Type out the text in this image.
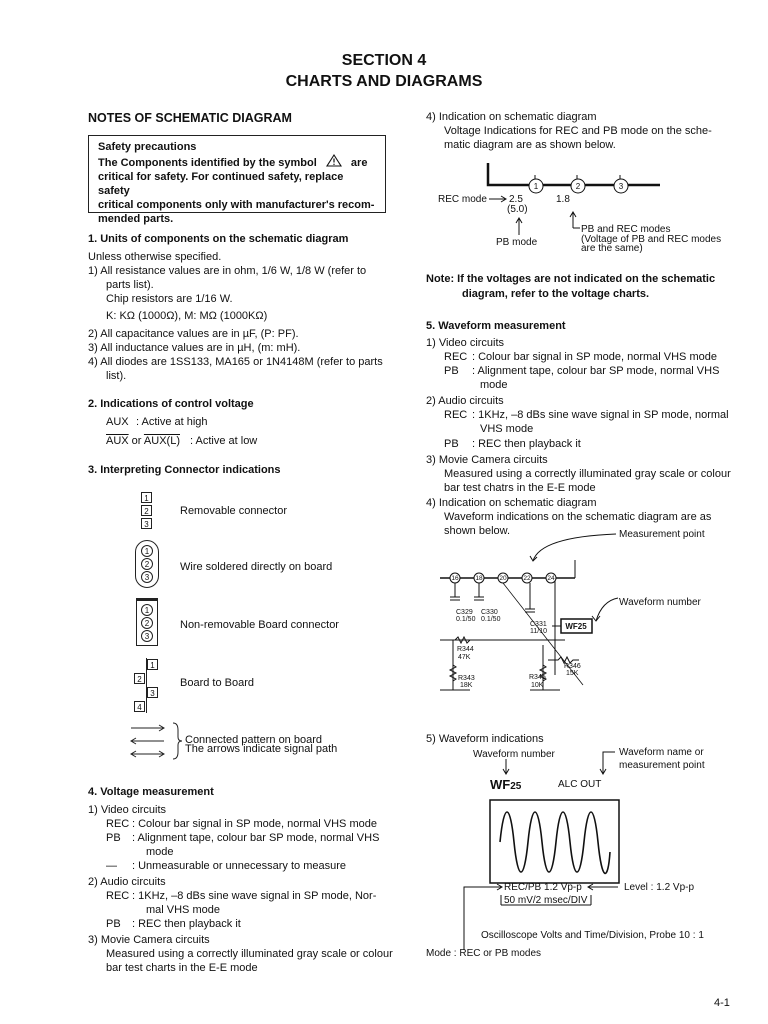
SECTION 4
CHARTS AND DIAGRAMS
NOTES OF SCHEMATIC DIAGRAM
Safety precautions
The Components identified by the symbol	are
critical for safety. For continued safety, replace safety
critical components only with manufacturer's recom-
mended parts.
1. Units of components on the schematic diagram
Unless otherwise specified.
1) All resistance values are in ohm, 1/6 W, 1/8 W (refer to
parts list).
Chip resistors are 1/16 W.
K: KΩ (1000Ω), M: MΩ (1000KΩ)
2) All capacitance values are in µF, (P: PF).
3) All inductance values are in µH, (m: mH).
4) All diodes are 1SS133, MA165 or 1N4148M (refer to parts
list).
2. Indications of control voltage
AUX : Active at high
$\overline{AUX}$ or AUX(L) : Active at low
3. Interpreting Connector indications
1
2
3
Removable connector
1
2
3
Wire soldered directly on board
1
2
3
Non-removable Board connector
1
2
3
4
Board to Board
Connected pattern on board
The arrows indicate signal path
4. Voltage measurement
1) Video circuits
REC : Colour bar signal in SP mode, normal VHS mode
PB : Alignment tape, colour bar SP mode, normal VHS
mode
— : Unmeasurable or unnecessary to measure
2) Audio circuits
REC : 1KHz, –8 dBs sine wave signal in SP mode, Nor-
mal VHS mode
PB : REC then playback it
3) Movie Camera circuits
Measured using a correctly illuminated gray scale or colour
bar test charts in the E-E mode
4) Indication on schematic diagram
Voltage Indications for REC and PB mode on the sche-
matic diagram are as shown below.
1	2	3
REC mode 2.5
(5.0)
1.8
PB mode
PB and REC modes
(Voltage of PB and REC modes
are the same)
Note: If the voltages are not indicated on the schematic
diagram, refer to the voltage charts.
5. Waveform measurement
1) Video circuits
REC : Colour bar signal in SP mode, normal VHS mode
PB : Alignment tape, colour bar SP mode, normal VHS
mode
2) Audio circuits
REC : 1KHz, –8 dBs sine wave signal in SP mode, normal
VHS mode
PB : REC then playback it
3) Movie Camera circuits
Measured using a correctly illuminated gray scale or colour
bar test chatrs in the E-E mode
4) Indication on schematic diagram
Waveform indications on the schematic diagram are as
shown below.
16	18	20	22	24
C329
0.1/50
C330
0.1/50
C331
11/10
R344
47K
R346
15K
R343
18K
R345
10K
WF25
Measurement point
Waveform number
5) Waveform indications
Waveform number	Waveform name or
measurement point
ALC OUT
REC/PB 1.2 Vp-p	Level : 1.2 Vp-p
50 mV/2 msec/DIV
Oscilloscope Volts and Time/Division, Probe 10 : 1
Mode : REC or PB modes
WF25
4-1
